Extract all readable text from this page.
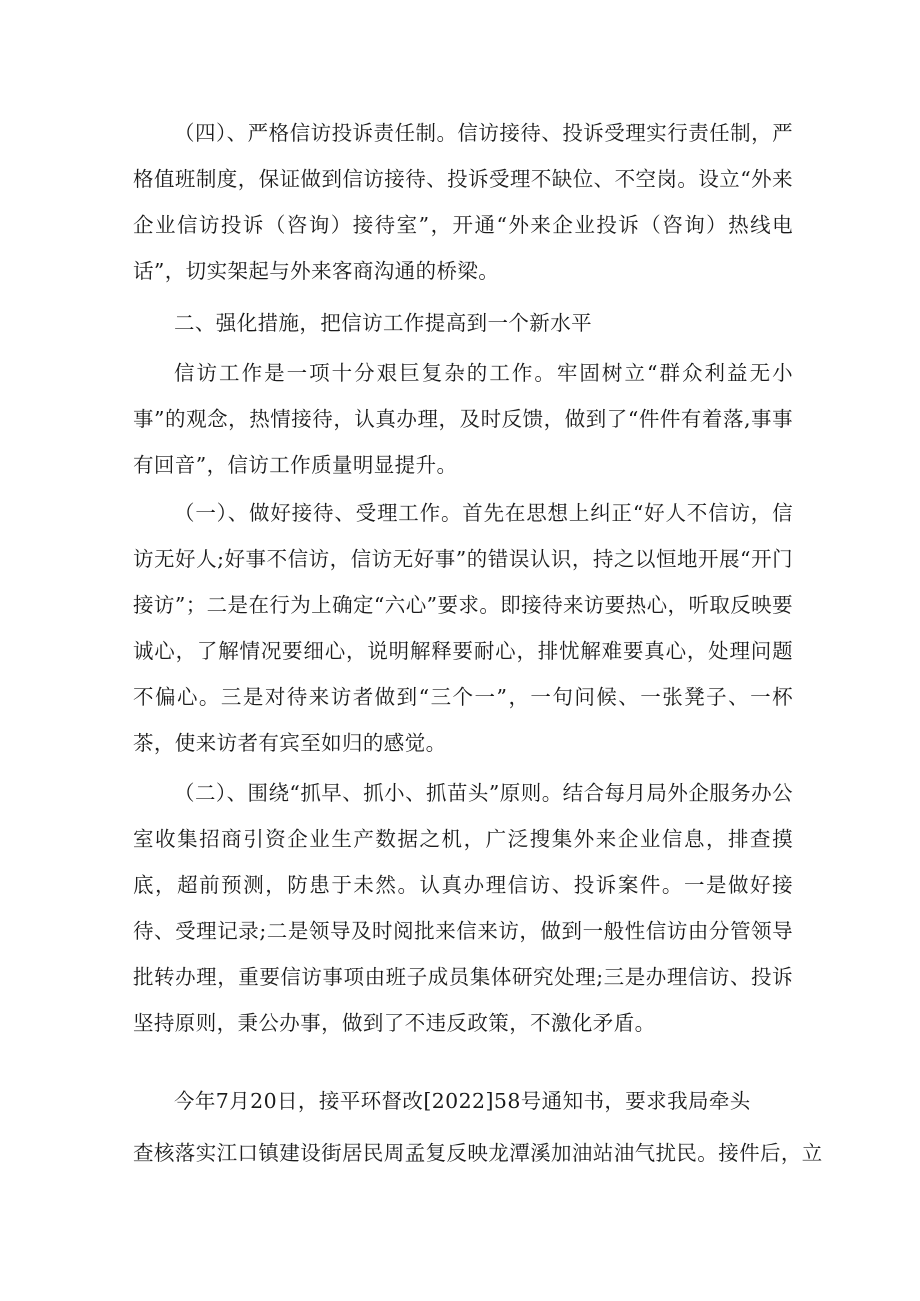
（四）、严格信访投诉责任制。信访接待、投诉受理实行责任制，严格值班制度，保证做到信访接待、投诉受理不缺位、不空岗。设立“外来企业信访投诉（咨询）接待室”，开通“外来企业投诉（咨询）热线电话”，切实架起与外来客商沟通的桥梁。

二、强化措施，把信访工作提高到一个新水平

信访工作是一项十分艰巨复杂的工作。牢固树立“群众利益无小事”的观念，热情接待，认真办理，及时反馈，做到了“件件有着落,事事有回音”，信访工作质量明显提升。

（一）、做好接待、受理工作。首先在思想上纠正“好人不信访，信访无好人;好事不信访，信访无好事”的错误认识，持之以恒地开展“开门接访”；二是在行为上确定“六心”要求。即接待来访要热心，听取反映要诚心，了解情况要细心，说明解释要耐心，排忧解难要真心，处理问题不偏心。三是对待来访者做到“三个一”，一句问候、一张凳子、一杯茶，使来访者有宾至如归的感觉。

（二）、围绕“抓早、抓小、抓苗头”原则。结合每月局外企服务办公室收集招商引资企业生产数据之机，广泛搜集外来企业信息，排查摸底，超前预测，防患于未然。认真办理信访、投诉案件。一是做好接待、受理记录;二是领导及时阅批来信来访，做到一般性信访由分管领导批转办理，重要信访事项由班子成员集体研究处理;三是办理信访、投诉坚持原则，秉公办事，做到了不违反政策，不激化矛盾。

今年7月20日，接平环督改[2022]58号通知书，要求我局牵头

查核落实江口镇建设街居民周孟复反映龙潭溪加油站油气扰民。接件后，立
